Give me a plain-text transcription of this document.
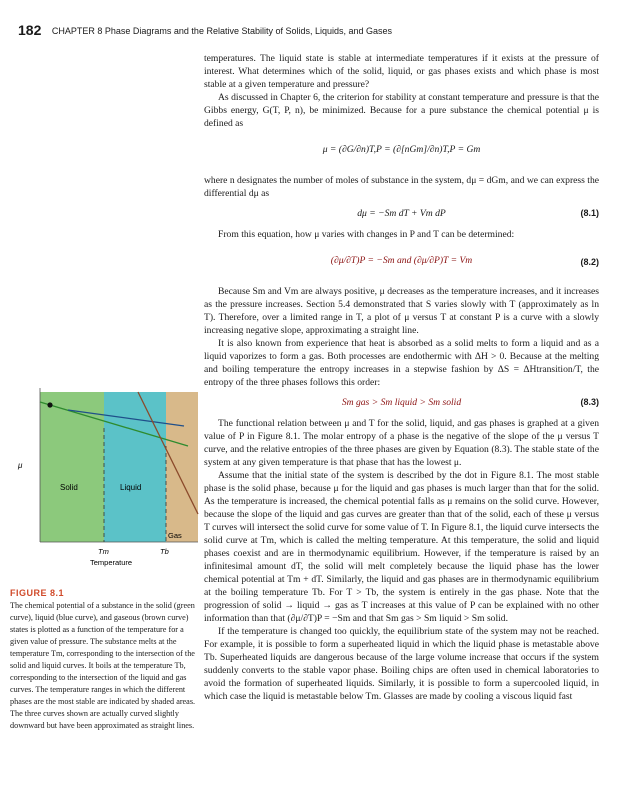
182 CHAPTER 8 Phase Diagrams and the Relative Stability of Solids, Liquids, and Gases

temperatures. The liquid state is stable at intermediate temperatures if it exists at the pressure of interest. What determines which of the solid, liquid, or gas phases exists and which phase is most stable at a given temperature and pressure?

As discussed in Chapter 6, the criterion for stability at constant temperature and pressure is that the Gibbs energy, G(T, P, n), be minimized. Because for a pure substance the chemical potential μ is defined as

μ = (∂G/∂n)T,P = (∂[nGm]/∂n)T,P = Gm

where n designates the number of moles of substance in the system, dμ = dGm, and we can express the differential dμ as

dμ = −Sm dT + Vm dP	(8.1)

From this equation, how μ varies with changes in P and T can be determined:

(∂μ/∂T)P = −Sm and (∂μ/∂P)T = Vm	(8.2)

Because Sm and Vm are always positive, μ decreases as the temperature increases, and it increases as the pressure increases. Section 5.4 demonstrated that S varies slowly with T (approximately as ln T). Therefore, over a limited range in T, a plot of μ versus T at constant P is a curve with a slowly increasing negative slope, approximating a straight line.

It is also known from experience that heat is absorbed as a solid melts to form a liquid and as a liquid vaporizes to form a gas. Both processes are endothermic with ΔH > 0. Because at the melting and boiling temperature the entropy increases in a stepwise fashion by ΔS = ΔHtransition/T, the entropy of the three phases follows this order:

Sm gas > Sm liquid > Sm solid	(8.3)

The functional relation between μ and T for the solid, liquid, and gas phases is graphed at a given value of P in Figure 8.1. The molar entropy of a phase is the negative of the slope of the μ versus T curve, and the relative entropies of the three phases are given by Equation (8.3). The stable state of the system at any given temperature is that phase that has the lowest μ.

Assume that the initial state of the system is described by the dot in Figure 8.1. The most stable phase is the solid phase, because μ for the liquid and gas phases is much larger than that for the solid. As the temperature is increased, the chemical potential falls as μ remains on the solid curve. However, because the slope of the liquid and gas curves are greater than that of the solid, each of these μ versus T curves will intersect the solid curve for some value of T. In Figure 8.1, the liquid curve intersects the solid curve at Tm, which is called the melting temperature. At this temperature, the solid and liquid phases coexist and are in thermodynamic equilibrium. However, if the temperature is raised by an infinitesimal amount dT, the solid will melt completely because the liquid phase has the lower chemical potential at Tm + dT. Similarly, the liquid and gas phases are in thermodynamic equilibrium at the boiling temperature Tb. For T > Tb, the system is entirely in the gas phase. Note that the progression of solid → liquid → gas as T increases at this value of P can be explained with no other information than that (∂μ/∂T)P = −Sm and that Sm gas > Sm liquid > Sm solid.

If the temperature is changed too quickly, the equilibrium state of the system may not be reached. For example, it is possible to form a superheated liquid in which the liquid phase is metastable above Tb. Superheated liquids are dangerous because of the large volume increase that occurs if the system suddenly converts to the stable vapor phase. Boiling chips are often used in chemical laboratories to avoid the formation of superheated liquids. Similarly, it is possible to form a supercooled liquid, in which case the liquid is metastable below Tm. Glasses are made by cooling a viscous liquid fast

μ
Solid	Liquid
Gas
Tm	Tb
Temperature
FIGURE 8.1
The chemical potential of a substance in the solid (green curve), liquid (blue curve), and gaseous (brown curve) states is plotted as a function of the temperature for a given value of pressure. The substance melts at the temperature Tm, corresponding to the intersection of the solid and liquid curves. It boils at the temperature Tb, corresponding to the intersection of the liquid and gas curves. The temperature ranges in which the different phases are the most stable are indicated by shaded areas. The three curves shown are actually curved slightly downward but have been approximated as straight lines.
